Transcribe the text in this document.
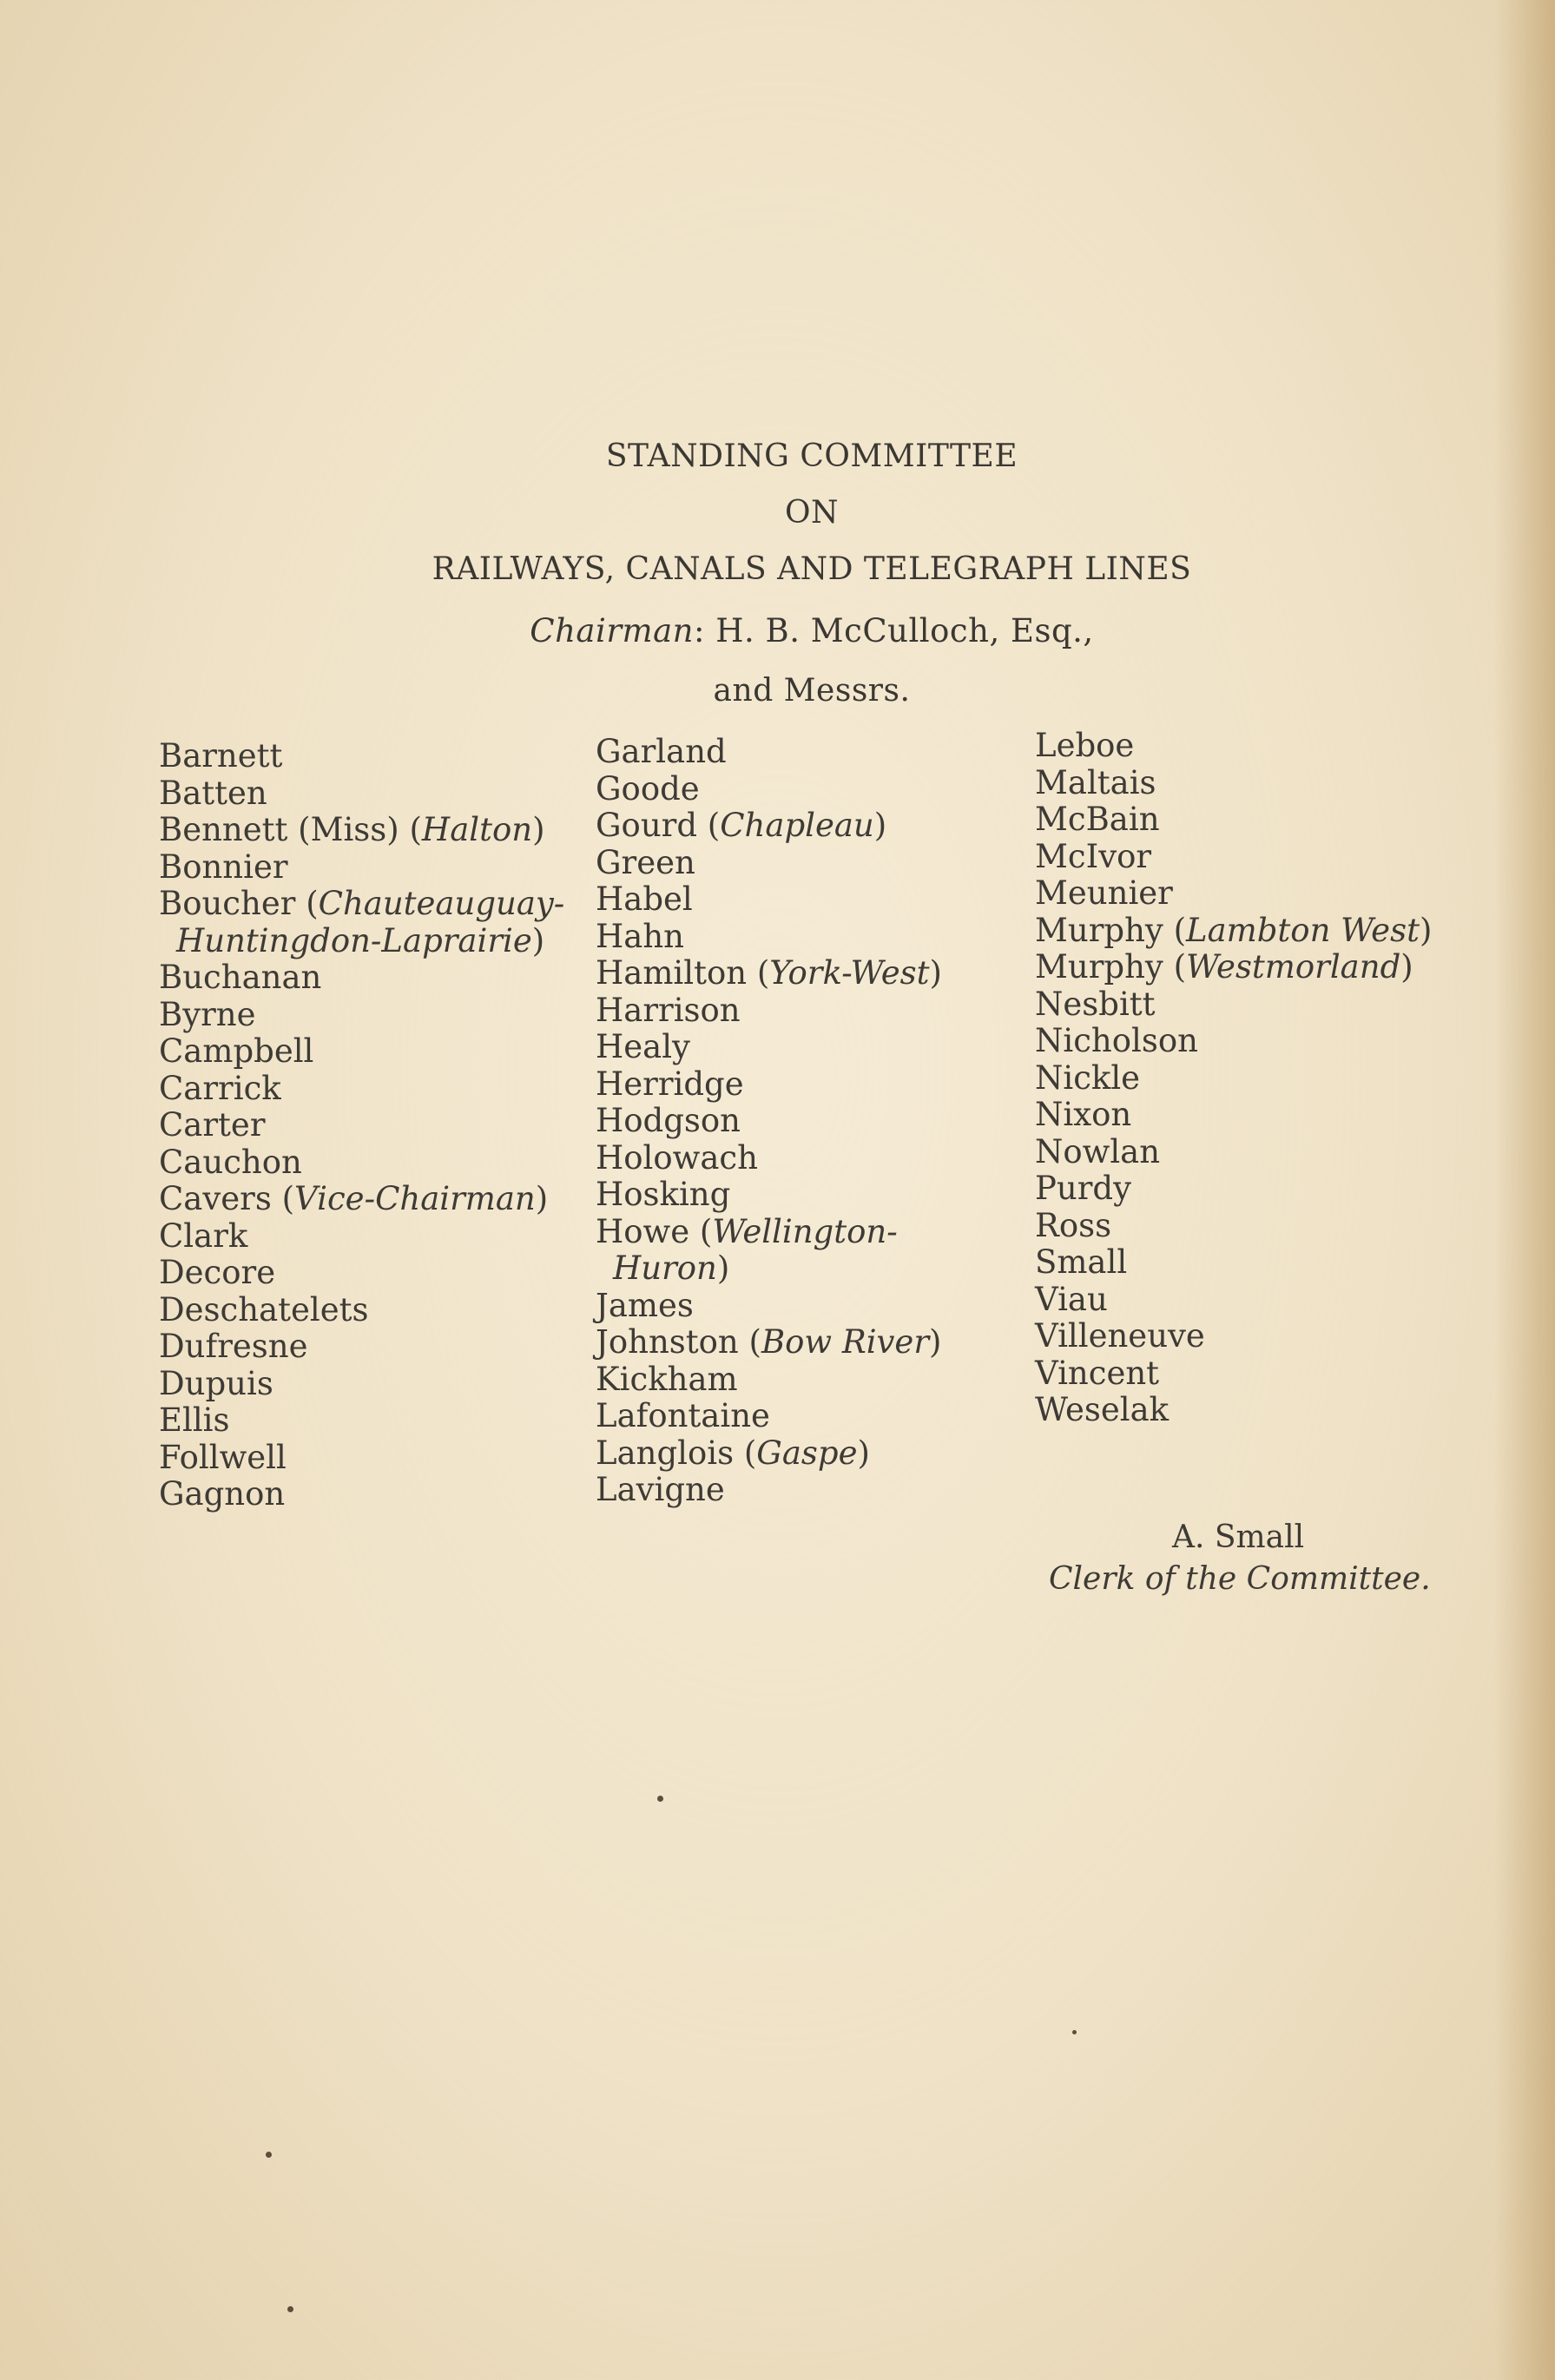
STANDING COMMITTEE
ON
RAILWAYS, CANALS AND TELEGRAPH LINES
Chairman: H. B. McCulloch, Esq.,
and Messrs.
Barnett
Batten
Bennett (Miss) (Halton)
Bonnier
Boucher (Chauteauguay-
Huntingdon-Laprairie)
Buchanan
Byrne
Campbell
Carrick
Carter
Cauchon
Cavers (Vice-Chairman)
Clark
Decore
Deschatelets
Dufresne
Dupuis
Ellis
Follwell
Gagnon
Garland
Goode
Gourd (Chapleau)
Green
Habel
Hahn
Hamilton (York-West)
Harrison
Healy
Herridge
Hodgson
Holowach
Hosking
Howe (Wellington-
Huron)
James
Johnston (Bow River)
Kickham
Lafontaine
Langlois (Gaspe)
Lavigne
Leboe
Maltais
McBain
McIvor
Meunier
Murphy (Lambton West)
Murphy (Westmorland)
Nesbitt
Nicholson
Nickle
Nixon
Nowlan
Purdy
Ross
Small
Viau
Villeneuve
Vincent
Weselak
A. Small
Clerk of the Committee.
